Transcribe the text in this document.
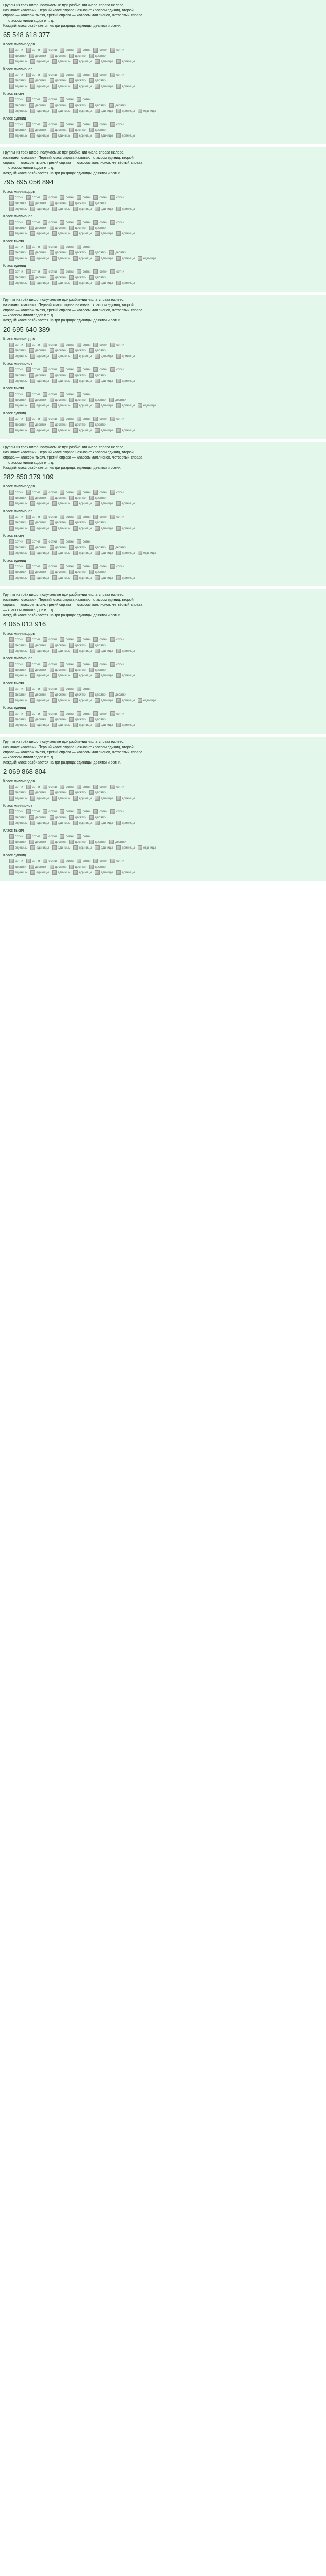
Группы из трёх цифр, получаемые при разбиении числа справа налево,
называют классами. Первый класс справа называют классом единиц, второй
справа — классом тысяч, третий справа — классом миллионов, четвёртый справа
— классом миллиардов и т. д.
Каждый класс разбивается на три разряда: единицы, десятки и сотни.
65 548 618 377
Класс миллиардов
сотни	сотни	сотни	сотни	сотни	сотни	сотни
десятки	десятки	десятки	десятки	десятки
единицы	единицы	единицы	единицы	единицы	единицы
Класс миллионов
сотни	сотни	сотни	сотни	сотни	сотни	сотни
десятки	десятки	десятки	десятки	десятки
единицы	единицы	единицы	единицы	единицы	единицы
Класс тысяч
сотни	сотни	сотни	сотни	сотни
десятки	десятки	десятки	десятки	десятки	десятки
единицы	единицы	единицы	единицы	единицы	единицы	единицы
Класс единиц
сотни	сотни	сотни	сотни	сотни	сотни	сотни
десятки	десятки	десятки	десятки	десятки
единицы	единицы	единицы	единицы	единицы	единицы
Группы из трёх цифр, получаемые при разбиении числа справа налево,
называют классами. Первый класс справа называют классом единиц, второй
справа — классом тысяч, третий справа — классом миллионов, четвёртый справа
— классом миллиардов и т. д.
Каждый класс разбивается на три разряда: единицы, десятки и сотни.
795 895 056 894
Класс миллиардов
сотни	сотни	сотни	сотни	сотни	сотни	сотни
десятки	десятки	десятки	десятки	десятки
единицы	единицы	единицы	единицы	единицы	единицы
Класс миллионов
сотни	сотни	сотни	сотни	сотни	сотни	сотни
десятки	десятки	десятки	десятки	десятки
единицы	единицы	единицы	единицы	единицы	единицы
Класс тысяч
сотни	сотни	сотни	сотни	сотни
десятки	десятки	десятки	десятки	десятки	десятки
единицы	единицы	единицы	единицы	единицы	единицы	единицы
Класс единиц
сотни	сотни	сотни	сотни	сотни	сотни	сотни
десятки	десятки	десятки	десятки	десятки
единицы	единицы	единицы	единицы	единицы	единицы
Группы из трёх цифр, получаемые при разбиении числа справа налево,
называют классами. Первый класс справа называют классом единиц, второй
справа — классом тысяч, третий справа — классом миллионов, четвёртый справа
— классом миллиардов и т. д.
Каждый класс разбивается на три разряда: единицы, десятки и сотни.
20 695 640 389
Класс миллиардов
сотни	сотни	сотни	сотни	сотни	сотни	сотни
десятки	десятки	десятки	десятки	десятки
единицы	единицы	единицы	единицы	единицы	единицы
Класс миллионов
сотни	сотни	сотни	сотни	сотни	сотни	сотни
десятки	десятки	десятки	десятки	десятки
единицы	единицы	единицы	единицы	единицы	единицы
Класс тысяч
сотни	сотни	сотни	сотни	сотни
десятки	десятки	десятки	десятки	десятки	десятки
единицы	единицы	единицы	единицы	единицы	единицы	единицы
Класс единиц
сотни	сотни	сотни	сотни	сотни	сотни	сотни
десятки	десятки	десятки	десятки	десятки
единицы	единицы	единицы	единицы	единицы	единицы
Группы из трёх цифр, получаемые при разбиении числа справа налево,
называют классами. Первый класс справа называют классом единиц, второй
справа — классом тысяч, третий справа — классом миллионов, четвёртый справа
— классом миллиардов и т. д.
Каждый класс разбивается на три разряда: единицы, десятки и сотни.
282 850 379 109
Класс миллиардов
сотни	сотни	сотни	сотни	сотни	сотни	сотни
десятки	десятки	десятки	десятки	десятки
единицы	единицы	единицы	единицы	единицы	единицы
Класс миллионов
сотни	сотни	сотни	сотни	сотни	сотни	сотни
десятки	десятки	десятки	десятки	десятки
единицы	единицы	единицы	единицы	единицы	единицы
Класс тысяч
сотни	сотни	сотни	сотни	сотни
десятки	десятки	десятки	десятки	десятки	десятки
единицы	единицы	единицы	единицы	единицы	единицы	единицы
Класс единиц
сотни	сотни	сотни	сотни	сотни	сотни	сотни
десятки	десятки	десятки	десятки	десятки
единицы	единицы	единицы	единицы	единицы	единицы
Группы из трёх цифр, получаемые при разбиении числа справа налево,
называют классами. Первый класс справа называют классом единиц, второй
справа — классом тысяч, третий справа — классом миллионов, четвёртый справа
— классом миллиардов и т. д.
Каждый класс разбивается на три разряда: единицы, десятки и сотни.
4 065 013 916
Класс миллиардов
сотни	сотни	сотни	сотни	сотни	сотни	сотни
десятки	десятки	десятки	десятки	десятки
единицы	единицы	единицы	единицы	единицы	единицы
Класс миллионов
сотни	сотни	сотни	сотни	сотни	сотни	сотни
десятки	десятки	десятки	десятки	десятки
единицы	единицы	единицы	единицы	единицы	единицы
Класс тысяч
сотни	сотни	сотни	сотни	сотни
десятки	десятки	десятки	десятки	десятки	десятки
единицы	единицы	единицы	единицы	единицы	единицы	единицы
Класс единиц
сотни	сотни	сотни	сотни	сотни	сотни	сотни
десятки	десятки	десятки	десятки	десятки
единицы	единицы	единицы	единицы	единицы	единицы
Группы из трёх цифр, получаемые при разбиении числа справа налево,
называют классами. Первый класс справа называют классом единиц, второй
справа — классом тысяч, третий справа — классом миллионов, четвёртый справа
— классом миллиардов и т. д.
Каждый класс разбивается на три разряда: единицы, десятки и сотни.
2 069 868 804
Класс миллиардов
сотни	сотни	сотни	сотни	сотни	сотни	сотни
десятки	десятки	десятки	десятки	десятки
единицы	единицы	единицы	единицы	единицы	единицы
Класс миллионов
сотни	сотни	сотни	сотни	сотни	сотни	сотни
десятки	десятки	десятки	десятки	десятки
единицы	единицы	единицы	единицы	единицы	единицы
Класс тысяч
сотни	сотни	сотни	сотни	сотни
десятки	десятки	десятки	десятки	десятки	десятки
единицы	единицы	единицы	единицы	единицы	единицы	единицы
Класс единиц
сотни	сотни	сотни	сотни	сотни	сотни	сотни
десятки	десятки	десятки	десятки	десятки
единицы	единицы	единицы	единицы	единицы	единицы
